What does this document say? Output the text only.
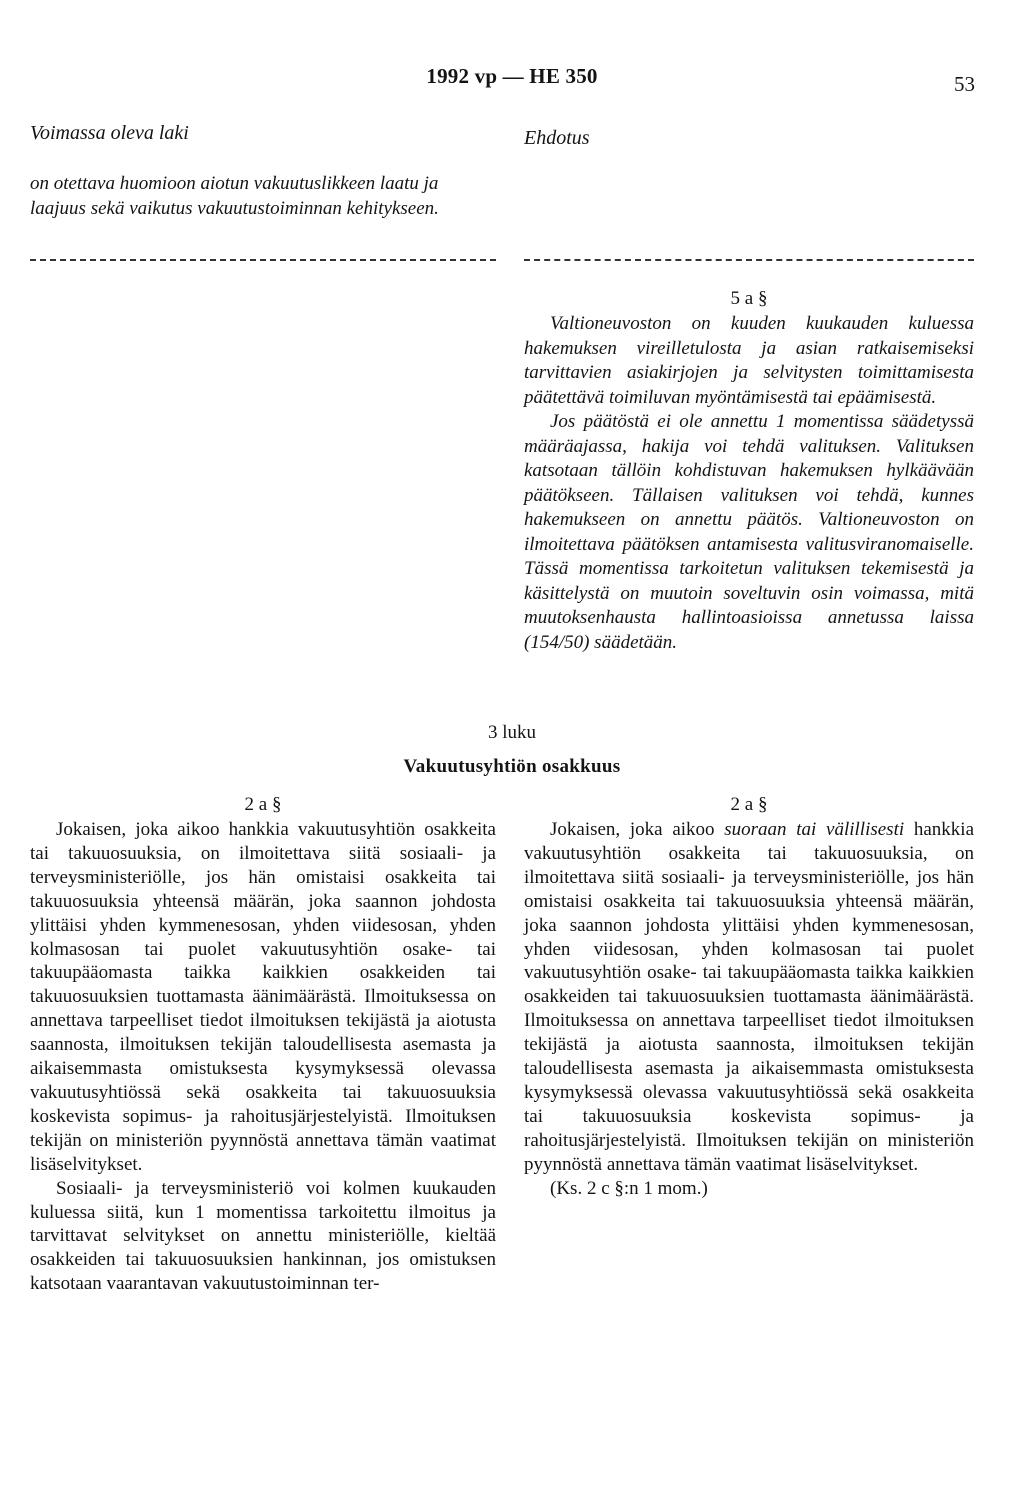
1992 vp — HE 350	53
Voimassa oleva laki	Ehdotus
on otettava huomioon aiotun vakuutuslikkeen laatu ja laajuus sekä vaikutus vakuutustoiminnan kehitykseen.
5 a §

Valtioneuvoston on kuuden kuukauden kuluessa hakemuksen vireilletulosta ja asian ratkaisemiseksi tarvittavien asiakirjojen ja selvitysten toimittamisesta päätettävä toimiluvan myöntämisestä tai epäämisestä.

Jos päätöstä ei ole annettu 1 momentissa säädetyssä määräajassa, hakija voi tehdä valituksen. Valituksen katsotaan tällöin kohdistuvan hakemuksen hylkäävään päätökseen. Tällaisen valituksen voi tehdä, kunnes hakemukseen on annettu päätös. Valtioneuvoston on ilmoitettava päätöksen antamisesta valitusviranomaiselle. Tässä momentissa tarkoitetun valituksen tekemisestä ja käsittelystä on muutoin soveltuvin osin voimassa, mitä muutoksenhausta hallintoasioissa annetussa laissa (154/50) säädetään.

3 luku
Vakuutusyhtiön osakkuus
2 a §

Jokaisen, joka aikoo hankkia vakuutusyhtiön osakkeita tai takuuosuuksia, on ilmoitettava siitä sosiaali- ja terveysministeriölle, jos hän omistaisi osakkeita tai takuuosuuksia yhteensä määrän, joka saannon johdosta ylittäisi yhden kymmenesosan, yhden viidesosan, yhden kolmasosan tai puolet vakuutusyhtiön osake- tai takuupääomasta taikka kaikkien osakkeiden tai takuuosuuksien tuottamasta äänimäärästä. Ilmoituksessa on annettava tarpeelliset tiedot ilmoituksen tekijästä ja aiotusta saannosta, ilmoituksen tekijän taloudellisesta asemasta ja aikaisemmasta omistuksesta kysymyksessä olevassa vakuutusyhtiössä sekä osakkeita tai takuuosuuksia koskevista sopimus- ja rahoitusjärjestelyistä. Ilmoituksen tekijän on ministeriön pyynnöstä annettava tämän vaatimat lisäselvitykset.

Sosiaali- ja terveysministeriö voi kolmen kuukauden kuluessa siitä, kun 1 momentissa tarkoitettu ilmoitus ja tarvittavat selvitykset on annettu ministeriölle, kieltää osakkeiden tai takuuosuuksien hankinnan, jos omistuksen katsotaan vaarantavan vakuutustoiminnan ter-

2 a §

Jokaisen, joka aikoo suoraan tai välillisesti hankkia vakuutusyhtiön osakkeita tai takuuosuuksia, on ilmoitettava siitä sosiaali- ja terveysministeriölle, jos hän omistaisi osakkeita tai takuuosuuksia yhteensä määrän, joka saannon johdosta ylittäisi yhden kymmenesosan, yhden viidesosan, yhden kolmasosan tai puolet vakuutusyhtiön osake- tai takuupääomasta taikka kaikkien osakkeiden tai takuuosuuksien tuottamasta äänimäärästä. Ilmoituksessa on annettava tarpeelliset tiedot ilmoituksen tekijästä ja aiotusta saannosta, ilmoituksen tekijän taloudellisesta asemasta ja aikaisemmasta omistuksesta kysymyksessä olevassa vakuutusyhtiössä sekä osakkeita tai takuuosuuksia koskevista sopimus- ja rahoitusjärjestelyistä. Ilmoituksen tekijän on ministeriön pyynnöstä annettava tämän vaatimat lisäselvitykset.

(Ks. 2 c §:n 1 mom.)
